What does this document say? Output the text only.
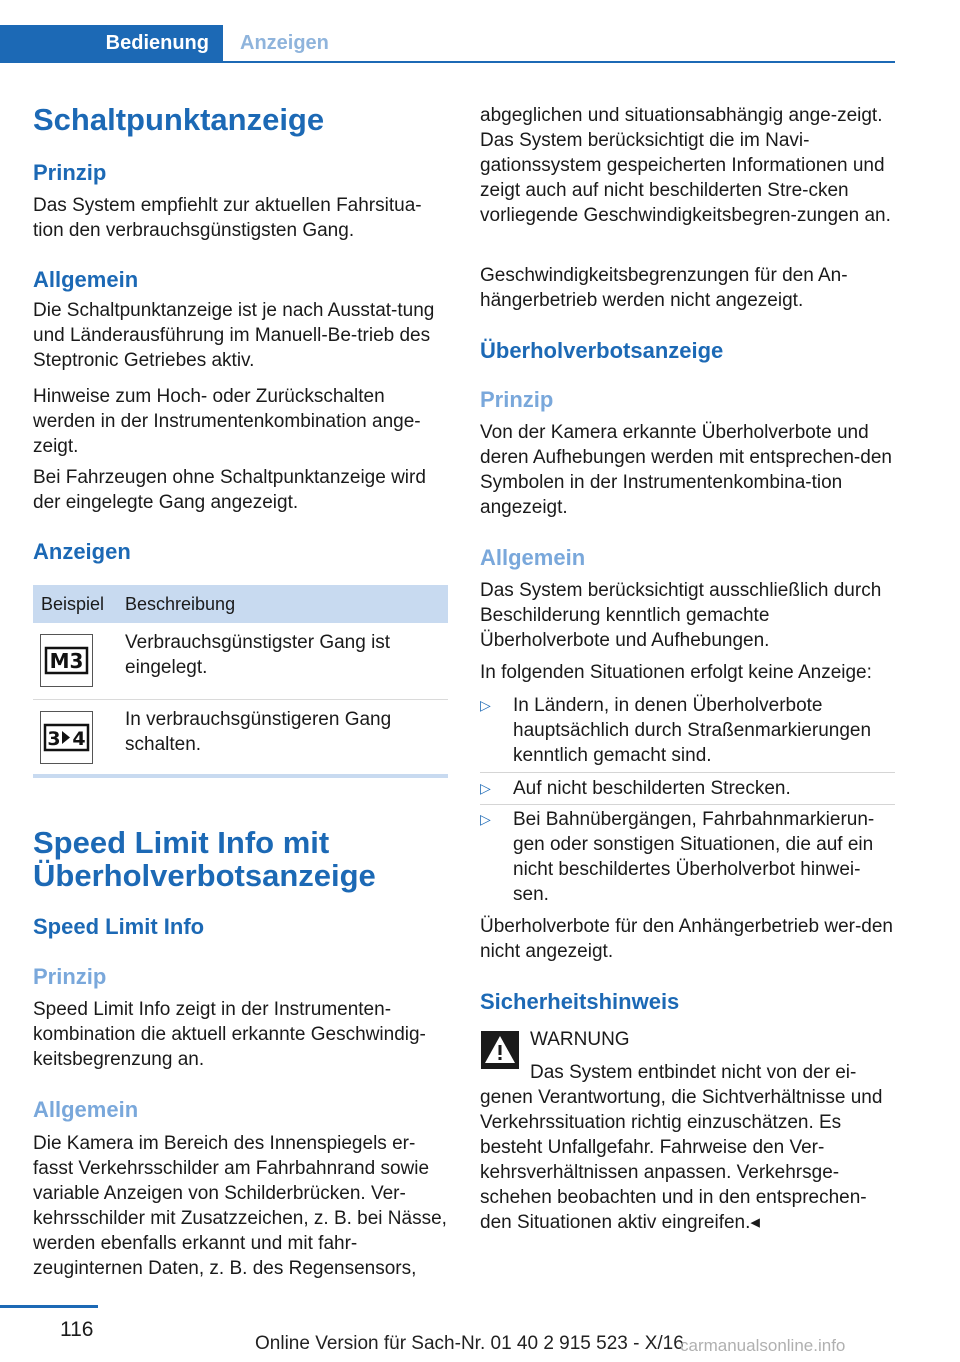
Bedienung	Anzeigen
Schaltpunktanzeige
Prinzip

Das System empfiehlt zur aktuellen Fahrsitua-tion den verbrauchsgünstigsten Gang.

Allgemein

Die Schaltpunktanzeige ist je nach Ausstat-tung und Länderausführung im Manuell-Be-trieb des Steptronic Getriebes aktiv.

Hinweise zum Hoch- oder Zurückschalten werden in der Instrumentenkombination ange-zeigt.

Bei Fahrzeugen ohne Schaltpunktanzeige wird der eingelegte Gang angezeigt.

Anzeigen
Beispiel Beschreibung
M3
Verbrauchsgünstigster Gang ist eingelegt.
3 4
In verbrauchsgünstigeren Gang schalten.
Speed Limit Info mit Überholverbotsanzeige
Speed Limit Info
Prinzip

Speed Limit Info zeigt in der Instrumenten-kombination die aktuell erkannte Geschwindig-keitsbegrenzung an.

Allgemein

Die Kamera im Bereich des Innenspiegels er-fasst Verkehrsschilder am Fahrbahnrand sowie variable Anzeigen von Schilderbrücken. Ver-kehrsschilder mit Zusatzzeichen, z. B. bei Nässe, werden ebenfalls erkannt und mit fahr-zeuginternen Daten, z. B. des Regensensors,

abgeglichen und situationsabhängig ange-zeigt. Das System berücksichtigt die im Navi-gationssystem gespeicherten Informationen und zeigt auch auf nicht beschilderten Stre-cken vorliegende Geschwindigkeitsbegren-zungen an.

Geschwindigkeitsbegrenzungen für den An-hängerbetrieb werden nicht angezeigt.

Überholverbotsanzeige
Prinzip

Von der Kamera erkannte Überholverbote und deren Aufhebungen werden mit entsprechen-den Symbolen in der Instrumentenkombina-tion angezeigt.

Allgemein

Das System berücksichtigt ausschließlich durch Beschilderung kenntlich gemachte Überholverbote und Aufhebungen.

In folgenden Situationen erfolgt keine Anzeige:

▷ In Ländern, in denen Überholverbote hauptsächlich durch Straßenmarkierungen kenntlich gemacht sind.
▷ Auf nicht beschilderten Strecken.
▷ Bei Bahnübergängen, Fahrbahnmarkierun-gen oder sonstigen Situationen, die auf ein nicht beschildertes Überholverbot hinwei-sen.

Überholverbote für den Anhängerbetrieb wer-den nicht angezeigt.

Sicherheitshinweis
WARNUNG
Das System entbindet nicht von der ei-

genen Verantwortung, die Sichtverhältnisse und Verkehrssituation richtig einzuschätzen. Es besteht Unfallgefahr. Fahrweise den Ver-kehrsverhältnissen anpassen. Verkehrsge-schehen beobachten und in den entsprechen-den Situationen aktiv eingreifen.◂

116
Online Version für Sach-Nr. 01 40 2 915 523 - X/16
carmanualsonline.info
